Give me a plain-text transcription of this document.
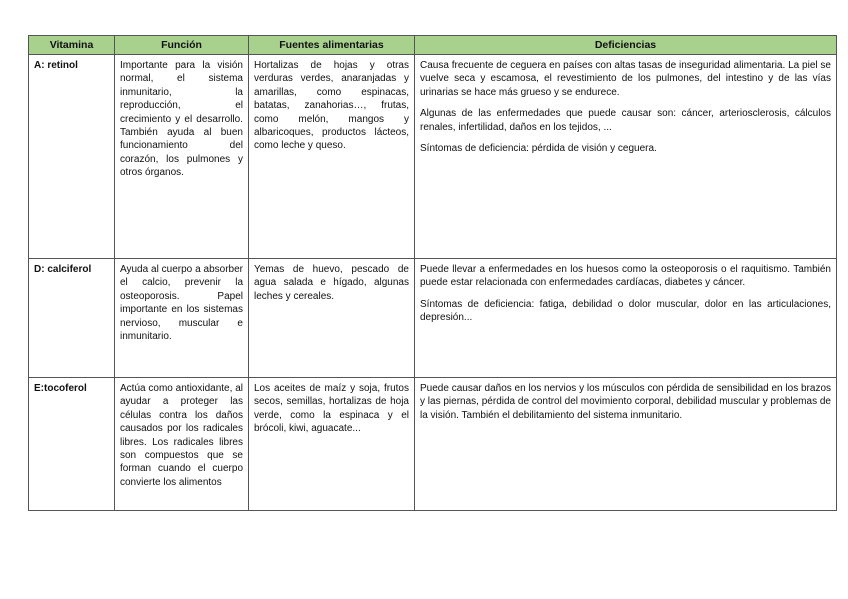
Vitamina	Función	Fuentes alimentarias	Deficiencias
A: retinol	Importante para la visión normal, el sistema inmunitario, la reproducción, el crecimiento y el desarrollo. También ayuda al buen funcionamiento del corazón, los pulmones y otros órganos.	Hortalizas de hojas y otras verduras verdes, anaranjadas y amarillas, como espinacas, batatas, zanahorias…, frutas, como melón, mangos y albaricoques, productos lácteos, como leche y queso.	Causa frecuente de ceguera en países con altas tasas de inseguridad alimentaria. La piel se vuelve seca y escamosa, el revestimiento de los pulmones, del intestino y de las vías urinarias se hace más grueso y se endurece.

Algunas de las enfermedades que puede causar son: cáncer, arteriosclerosis, cálculos renales, infertilidad, daños en los tejidos, ...

Síntomas de deficiencia: pérdida de visión y ceguera.

D: calciferol	Ayuda al cuerpo a absorber el calcio, prevenir la osteoporosis. Papel importante en los sistemas nervioso, muscular e inmunitario.	Yemas de huevo, pescado de agua salada e hígado, algunas leches y cereales.	Puede llevar a enfermedades en los huesos como la osteoporosis o el raquitismo. También puede estar relacionada con enfermedades cardíacas, diabetes y cáncer.

Síntomas de deficiencia: fatiga, debilidad o dolor muscular, dolor en las articulaciones, depresión...

E:tocoferol	Actúa como antioxidante, al ayudar a proteger las células contra los daños causados por los radicales libres. Los radicales libres son compuestos que se forman cuando el cuerpo convierte los alimentos	Los aceites de maíz y soja, frutos secos, semillas, hortalizas de hoja verde, como la espinaca y el brócoli, kiwi, aguacate...	Puede causar daños en los nervios y los músculos con pérdida de sensibilidad en los brazos y las piernas, pérdida de control del movimiento corporal, debilidad muscular y problemas de la visión. También el debilitamiento del sistema inmunitario.
